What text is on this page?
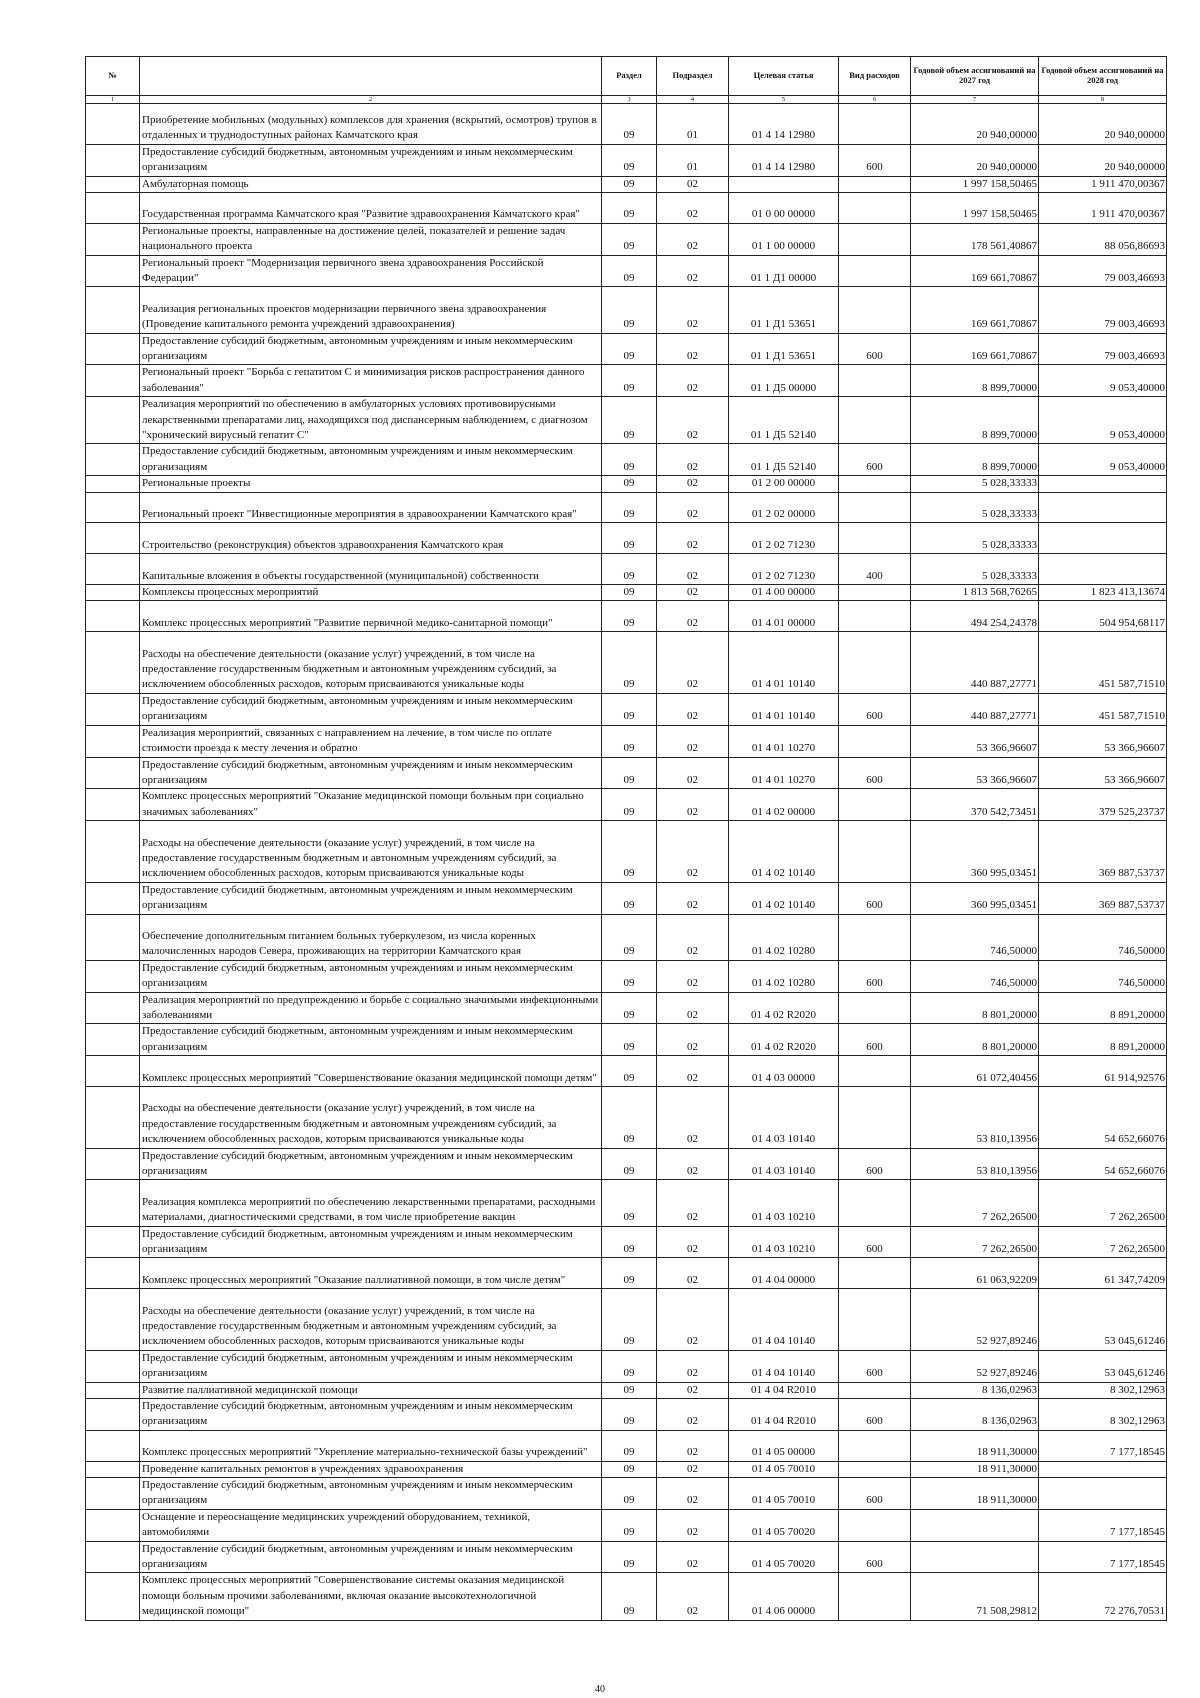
№		Раздел	Подраздел	Целевая статья	Вид расходов	Годовой объем ассигнований на 2027 год	Годовой объем ассигнований на 2028 год
1	2	3	4	5	6	7	8
	Приобретение мобильных (модульных) комплексов для хранения (вскрытий, осмотров) трупов в отдаленных и труднодоступных районах Камчатского края	09	01	01 4 14 12980		20 940,00000	20 940,00000
	Предоставление субсидий бюджетным, автономным учреждениям и иным некоммерческим организациям	09	01	01 4 14 12980	600	20 940,00000	20 940,00000
	Амбулаторная помощь	09	02			1 997 158,50465	1 911 470,00367
	Государственная программа Камчатского края "Развитие здравоохранения Камчатского края"	09	02	01 0 00 00000		1 997 158,50465	1 911 470,00367
	Региональные проекты, направленные на достижение целей, показателей и решение задач национального проекта	09	02	01 1 00 00000		178 561,40867	88 056,86693
	Региональный проект "Модернизация первичного звена здравоохранения Российской Федерации"	09	02	01 1 Д1 00000		169 661,70867	79 003,46693
	Реализация региональных проектов модернизации первичного звена здравоохранения (Проведение капитального ремонта учреждений здравоохранения)	09	02	01 1 Д1 53651		169 661,70867	79 003,46693
	Предоставление субсидий бюджетным, автономным учреждениям и иным некоммерческим организациям	09	02	01 1 Д1 53651	600	169 661,70867	79 003,46693
	Региональный проект "Борьба с гепатитом С и минимизация рисков распространения данного заболевания"	09	02	01 1 Д5 00000		8 899,70000	9 053,40000
	Реализация мероприятий по обеспечению в амбулаторных условиях противовирусными лекарственными препаратами лиц, находящихся под диспансерным наблюдением, с диагнозом "хронический вирусный гепатит С"	09	02	01 1 Д5 52140		8 899,70000	9 053,40000
	Предоставление субсидий бюджетным, автономным учреждениям и иным некоммерческим организациям	09	02	01 1 Д5 52140	600	8 899,70000	9 053,40000
	Региональные проекты	09	02	01 2 00 00000		5 028,33333	
	Региональный проект "Инвестиционные мероприятия в здравоохранении Камчатского края"	09	02	01 2 02 00000		5 028,33333	
	Строительство (реконструкция) объектов здравоохранения Камчатского края	09	02	01 2 02 71230		5 028,33333	
	Капитальные вложения в объекты государственной (муниципальной) собственности	09	02	01 2 02 71230	400	5 028,33333	
	Комплексы процессных мероприятий	09	02	01 4 00 00000		1 813 568,76265	1 823 413,13674
	Комплекс процессных мероприятий "Развитие первичной медико-санитарной помощи"	09	02	01 4 01 00000		494 254,24378	504 954,68117
	Расходы на обеспечение деятельности (оказание услуг) учреждений, в том числе на предоставление государственным бюджетным и автономным учреждениям субсидий, за исключением обособленных расходов, которым присваиваются уникальные коды	09	02	01 4 01 10140		440 887,27771	451 587,71510
	Предоставление субсидий бюджетным, автономным учреждениям и иным некоммерческим организациям	09	02	01 4 01 10140	600	440 887,27771	451 587,71510
	Реализация мероприятий, связанных с направлением на лечение, в том числе по оплате стоимости проезда к месту лечения и обратно	09	02	01 4 01 10270		53 366,96607	53 366,96607
	Предоставление субсидий бюджетным, автономным учреждениям и иным некоммерческим организациям	09	02	01 4 01 10270	600	53 366,96607	53 366,96607
	Комплекс процессных мероприятий "Оказание медицинской помощи больным при социально значимых заболеваниях"	09	02	01 4 02 00000		370 542,73451	379 525,23737
	Расходы на обеспечение деятельности (оказание услуг) учреждений, в том числе на предоставление государственным бюджетным и автономным учреждениям субсидий, за исключением обособленных расходов, которым присваиваются уникальные коды	09	02	01 4 02 10140		360 995,03451	369 887,53737
	Предоставление субсидий бюджетным, автономным учреждениям и иным некоммерческим организациям	09	02	01 4 02 10140	600	360 995,03451	369 887,53737
	Обеспечение дополнительным питанием больных туберкулезом, из числа коренных малочисленных народов Севера, проживающих на территории Камчатского края	09	02	01 4 02 10280		746,50000	746,50000
	Предоставление субсидий бюджетным, автономным учреждениям и иным некоммерческим организациям	09	02	01 4 02 10280	600	746,50000	746,50000
	Реализация мероприятий по предупреждению и борьбе с социально значимыми инфекционными заболеваниями	09	02	01 4 02 R2020		8 801,20000	8 891,20000
	Предоставление субсидий бюджетным, автономным учреждениям и иным некоммерческим организациям	09	02	01 4 02 R2020	600	8 801,20000	8 891,20000
	Комплекс процессных мероприятий "Совершенствование оказания медицинской помощи детям"	09	02	01 4 03 00000		61 072,40456	61 914,92576
	Расходы на обеспечение деятельности (оказание услуг) учреждений, в том числе на предоставление государственным бюджетным и автономным учреждениям субсидий, за исключением обособленных расходов, которым присваиваются уникальные коды	09	02	01 4 03 10140		53 810,13956	54 652,66076
	Предоставление субсидий бюджетным, автономным учреждениям и иным некоммерческим организациям	09	02	01 4 03 10140	600	53 810,13956	54 652,66076
	Реализация комплекса мероприятий по обеспечению лекарственными препаратами, расходными материалами, диагностическими средствами, в том числе приобретение вакцин	09	02	01 4 03 10210		7 262,26500	7 262,26500
	Предоставление субсидий бюджетным, автономным учреждениям и иным некоммерческим организациям	09	02	01 4 03 10210	600	7 262,26500	7 262,26500
	Комплекс процессных мероприятий "Оказание паллиативной помощи, в том числе детям"	09	02	01 4 04 00000		61 063,92209	61 347,74209
	Расходы на обеспечение деятельности (оказание услуг) учреждений, в том числе на предоставление государственным бюджетным и автономным учреждениям субсидий, за исключением обособленных расходов, которым присваиваются уникальные коды	09	02	01 4 04 10140		52 927,89246	53 045,61246
	Предоставление субсидий бюджетным, автономным учреждениям и иным некоммерческим организациям	09	02	01 4 04 10140	600	52 927,89246	53 045,61246
	Развитие паллиативной медицинской помощи	09	02	01 4 04 R2010		8 136,02963	8 302,12963
	Предоставление субсидий бюджетным, автономным учреждениям и иным некоммерческим организациям	09	02	01 4 04 R2010	600	8 136,02963	8 302,12963
	Комплекс процессных мероприятий "Укрепление материально-технической базы учреждений"	09	02	01 4 05 00000		18 911,30000	7 177,18545
	Проведение капитальных ремонтов в учреждениях здравоохранения	09	02	01 4 05 70010		18 911,30000	
	Предоставление субсидий бюджетным, автономным учреждениям и иным некоммерческим организациям	09	02	01 4 05 70010	600	18 911,30000	
	Оснащение и переоснащение медицинских учреждений оборудованием, техникой, автомобилями	09	02	01 4 05 70020			7 177,18545
	Предоставление субсидий бюджетным, автономным учреждениям и иным некоммерческим организациям	09	02	01 4 05 70020	600		7 177,18545
	Комплекс процессных мероприятий "Совершенствование системы оказания медицинской помощи больным прочими заболеваниями, включая оказание высокотехнологичной медицинской помощи"	09	02	01 4 06 00000		71 508,29812	72 276,70531
40
